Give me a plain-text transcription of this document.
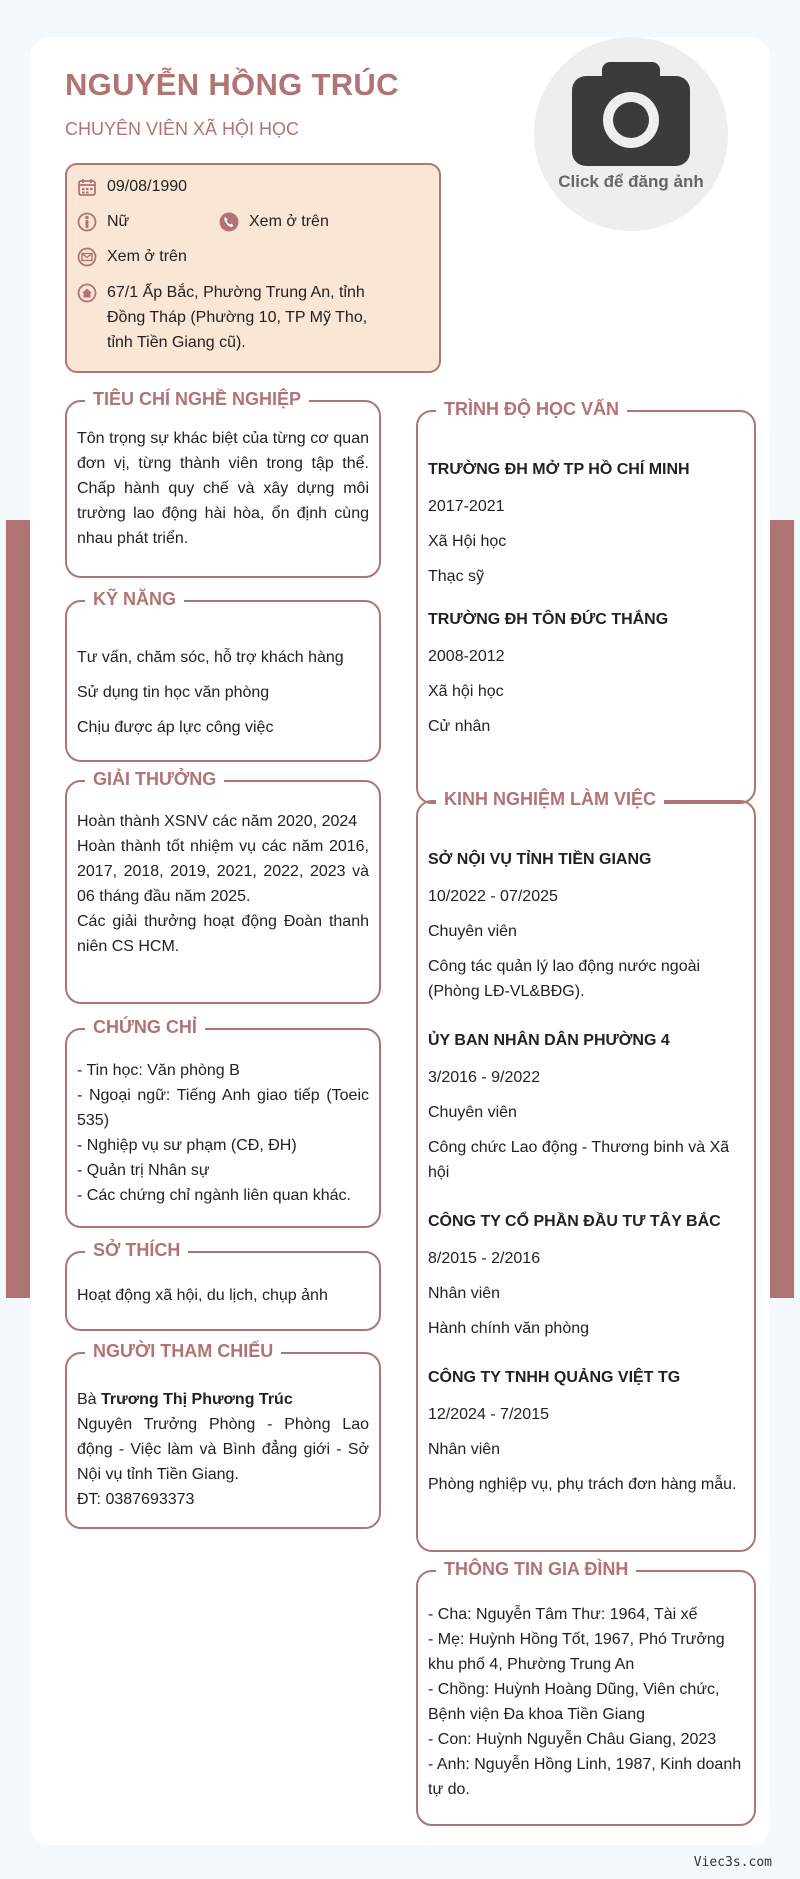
NGUYỄN HỒNG TRÚC
CHUYÊN VIÊN XÃ HỘI HỌC
Click để đăng ảnh
09/08/1990
Nữ	Xem ở trên
Xem ở trên
67/1 Ấp Bắc, Phường Trung An, tỉnh Đồng Tháp (Phường 10, TP Mỹ Tho, tỉnh Tiền Giang cũ).
TIÊU CHÍ NGHỀ NGHIỆP
Tôn trọng sự khác biệt của từng cơ quan đơn vị, từng thành viên trong tập thể. Chấp hành quy chế và xây dựng môi trường lao động hài hòa, ổn định cùng nhau phát triển.
KỸ NĂNG
Tư vấn, chăm sóc, hỗ trợ khách hàng
Sử dụng tin học văn phòng
Chịu được áp lực công việc
GIẢI THƯỞNG
Hoàn thành XSNV các năm 2020, 2024
Hoàn thành tốt nhiệm vụ các năm 2016, 2017, 2018, 2019, 2021, 2022, 2023 và 06 tháng đầu năm 2025.
Các giải thưởng hoạt động Đoàn thanh niên CS HCM.
CHỨNG CHỈ
- Tin học: Văn phòng B
- Ngoại ngữ: Tiếng Anh giao tiếp (Toeic 535)
- Nghiệp vụ sư phạm (CĐ, ĐH)
- Quản trị Nhân sự
- Các chứng chỉ ngành liên quan khác.
SỞ THÍCH
Hoạt động xã hội, du lịch, chụp ảnh
NGƯỜI THAM CHIẾU
Bà Trương Thị Phương Trúc
Nguyên Trưởng Phòng - Phòng Lao động - Việc làm và Bình đẳng giới - Sở Nội vụ tỉnh Tiền Giang.
ĐT: 0387693373
TRÌNH ĐỘ HỌC VẤN
TRƯỜNG ĐH MỞ TP HỒ CHÍ MINH
2017-2021
Xã Hội học
Thạc sỹ
TRƯỜNG ĐH TÔN ĐỨC THẮNG
2008-2012
Xã hội học
Cử nhân
KINH NGHIỆM LÀM VIỆC
SỞ NỘI VỤ TỈNH TIỀN GIANG
10/2022 - 07/2025
Chuyên viên
Công tác quản lý lao động nước ngoài (Phòng LĐ-VL&BĐG).
ỦY BAN NHÂN DÂN PHƯỜNG 4
3/2016 - 9/2022
Chuyên viên
Công chức Lao động - Thương binh và Xã hội
CÔNG TY CỔ PHẦN ĐẦU TƯ TÂY BẮC
8/2015 - 2/2016
Nhân viên
Hành chính văn phòng
CÔNG TY TNHH QUẢNG VIỆT TG
12/2024 - 7/2015
Nhân viên
Phòng nghiệp vụ, phụ trách đơn hàng mẫu.
THÔNG TIN GIA ĐÌNH
- Cha: Nguyễn Tâm Thư: 1964, Tài xế
- Mẹ: Huỳnh Hồng Tốt, 1967, Phó Trưởng khu phố 4, Phường Trung An
- Chồng: Huỳnh Hoàng Dũng, Viên chức, Bệnh viện Đa khoa Tiền Giang
- Con: Huỳnh Nguyễn Châu Giang, 2023
- Anh: Nguyễn Hồng Linh, 1987, Kinh doanh tự do.
Viec3s.com
